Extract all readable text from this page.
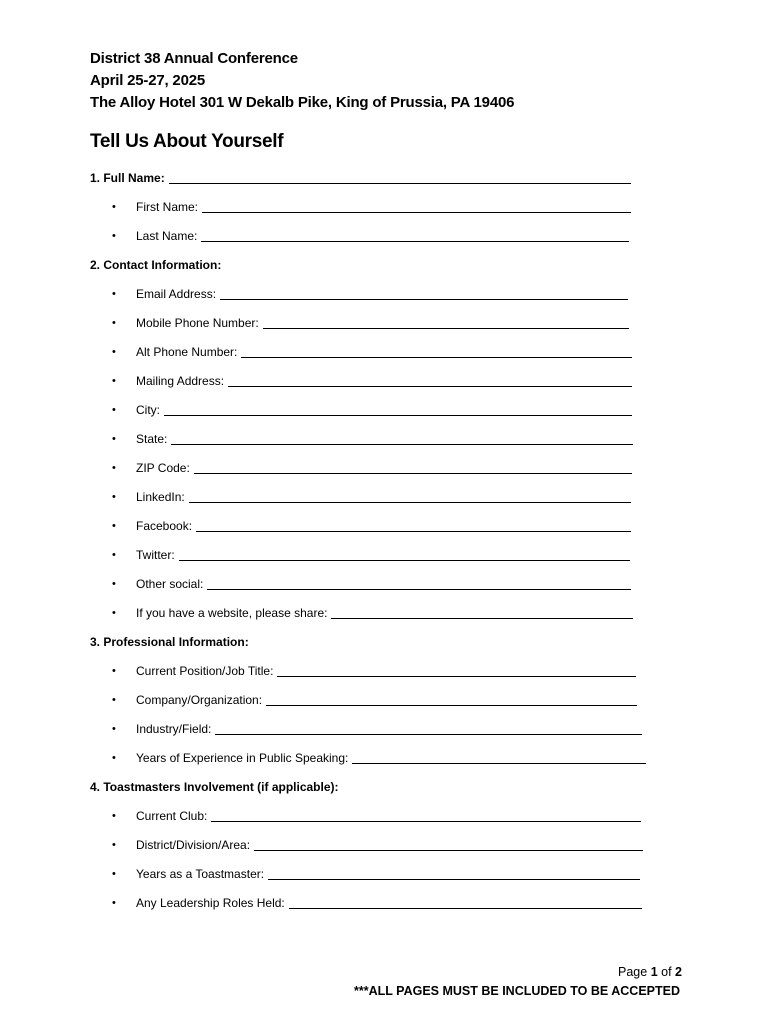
District 38 Annual Conference
April 25-27, 2025
The Alloy Hotel 301 W Dekalb Pike, King of Prussia, PA 19406
Tell Us About Yourself
1. Full Name:
•	First Name:
•	Last Name:
2. Contact Information:
•	Email Address:
•	Mobile Phone Number:
•	Alt Phone Number:
•	Mailing Address:
•	City:
•	State:
•	ZIP Code:
•	LinkedIn:
•	Facebook:
•	Twitter:
•	Other social:
•	If you have a website, please share:
3. Professional Information:
•	Current Position/Job Title:
•	Company/Organization:
•	Industry/Field:
•	Years of Experience in Public Speaking:
4. Toastmasters Involvement (if applicable):
•	Current Club:
•	District/Division/Area:
•	Years as a Toastmaster:
•	Any Leadership Roles Held:
Page 1 of 2
***ALL PAGES MUST BE INCLUDED TO BE ACCEPTED
